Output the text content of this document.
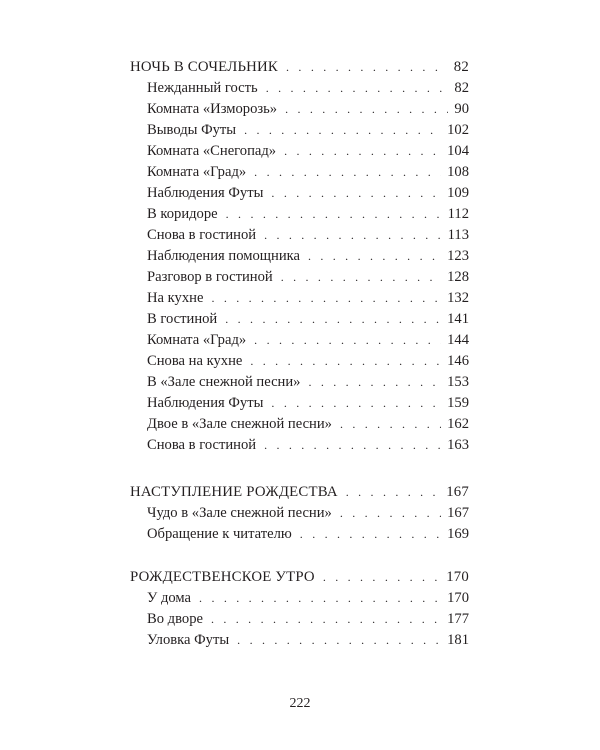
НОЧЬ В СОЧЕЛЬНИК . . .	82
Нежданный гость . . .	82
Комната «Изморозь» . . .	90
Выводы Футы . . .	102
Комната «Снегопад» . . .	104
Комната «Град» . . .	108
Наблюдения Футы . . .	109
В коридоре . . .	112
Снова в гостиной . . .	113
Наблюдения помощника . . .	123
Разговор в гостиной . . .	128
На кухне . . .	132
В гостиной . . .	141
Комната «Град» . . .	144
Снова на кухне . . .	146
В «Зале снежной песни» . . .	153
Наблюдения Футы . . .	159
Двое в «Зале снежной песни» . . .	162
Снова в гостиной . . .	163
НАСТУПЛЕНИЕ РОЖДЕСТВА . . .	167
Чудо в «Зале снежной песни» . . .	167
Обращение к читателю . . .	169
РОЖДЕСТВЕНСКОЕ УТРО . . .	170
У дома . . .	170
Во дворе . . .	177
Уловка Футы . . .	181
222
